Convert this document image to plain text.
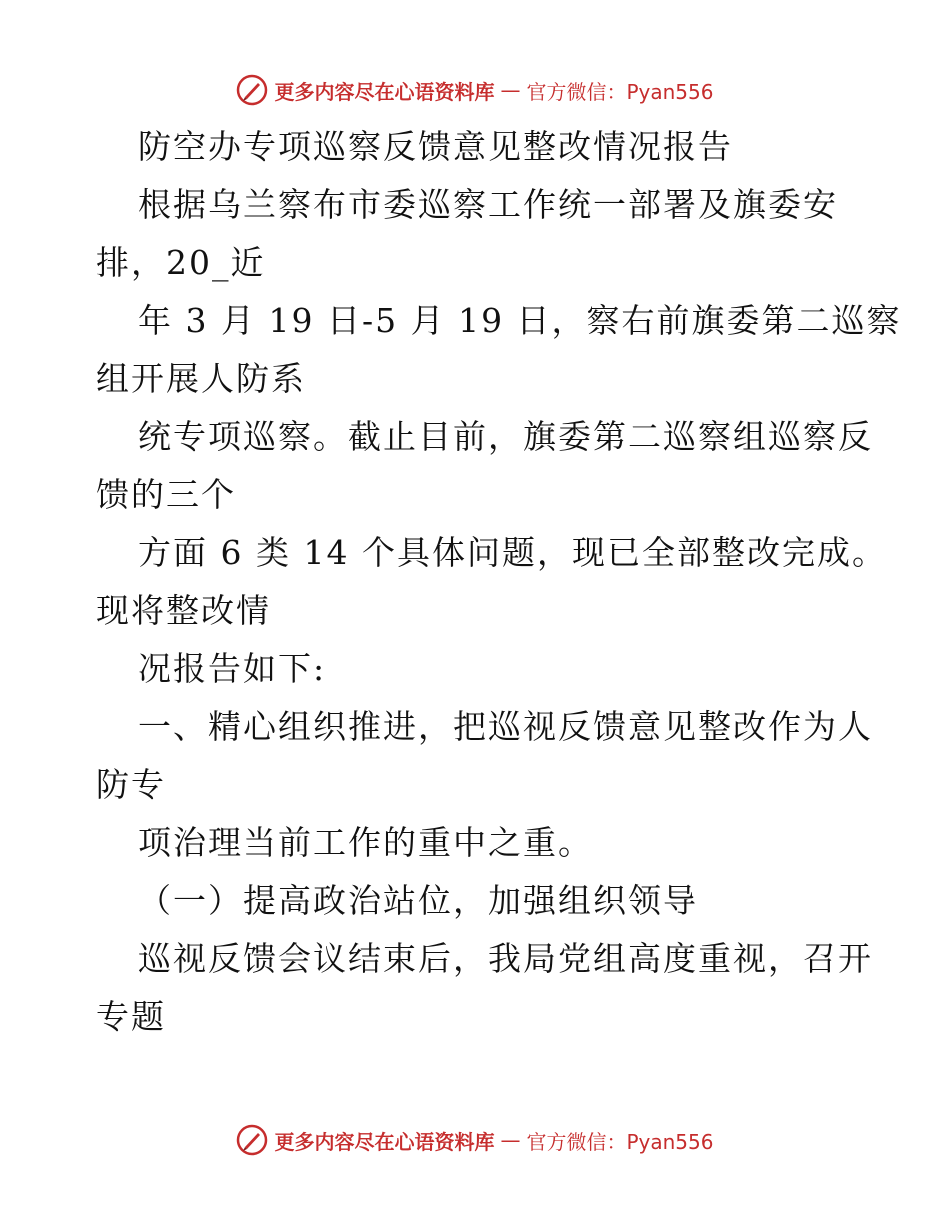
更多内容尽在心语资料库 — 官方微信：Pyan556
防空办专项巡察反馈意见整改情况报告
根据乌兰察布市委巡察工作统一部署及旗委安
排，20_近
年 3 月 19 日-5 月 19 日，察右前旗委第二巡察
组开展人防系
统专项巡察。截止目前，旗委第二巡察组巡察反
馈的三个
方面 6 类 14 个具体问题，现已全部整改完成。
现将整改情
况报告如下:
一、精心组织推进，把巡视反馈意见整改作为人
防专
项治理当前工作的重中之重。
（一）提高政治站位，加强组织领导
巡视反馈会议结束后，我局党组高度重视，召开
专题
更多内容尽在心语资料库 — 官方微信：Pyan556
